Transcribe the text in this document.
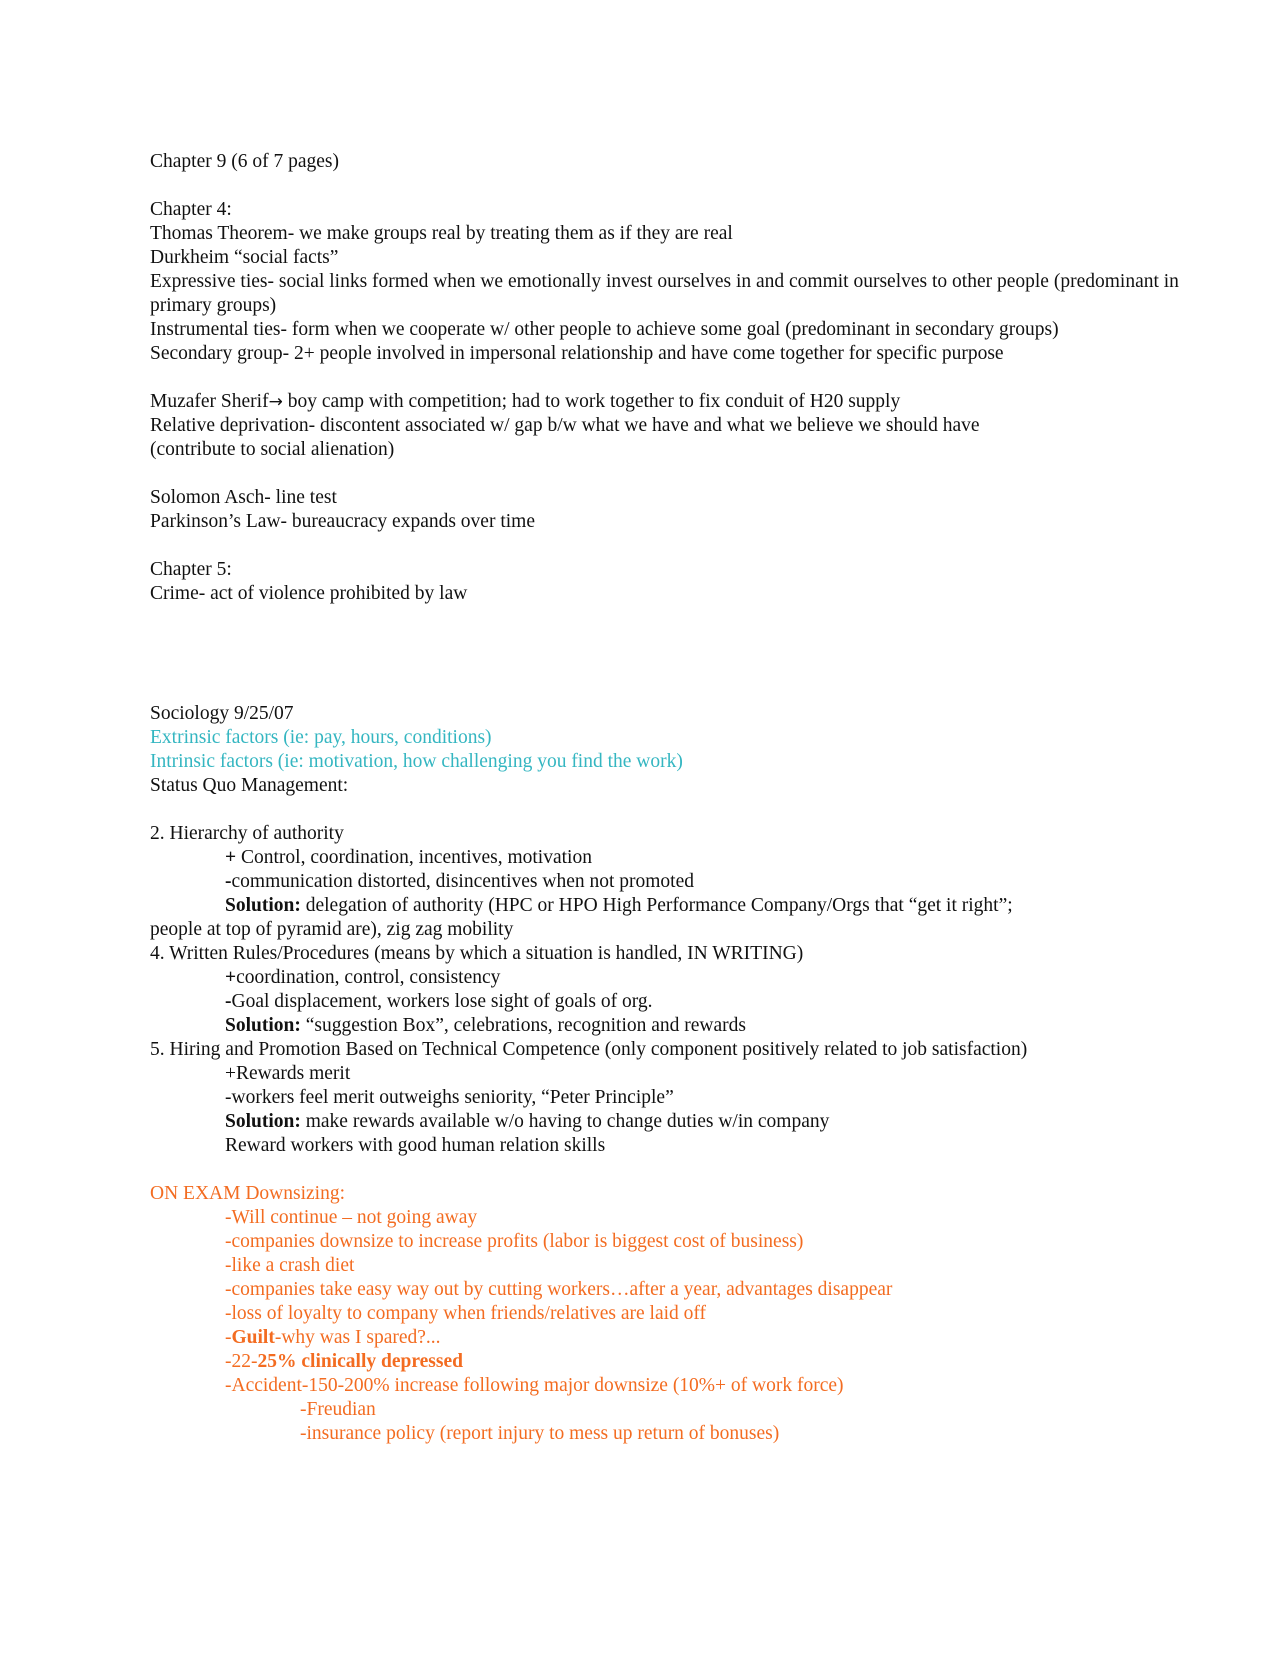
Chapter 9 (6 of 7 pages)
Chapter 4:
Thomas Theorem- we make groups real by treating them as if they are real
Durkheim “social facts”
Expressive ties- social links formed when we emotionally invest ourselves in and commit ourselves to other people (predominant in primary groups)
Instrumental ties- form when we cooperate w/ other people to achieve some goal (predominant in secondary groups)
Secondary group- 2+ people involved in impersonal relationship and have come together for specific purpose
Muzafer Sherif→ boy camp with competition; had to work together to fix conduit of H20 supply
Relative deprivation- discontent associated w/ gap b/w what we have and what we believe we should have
(contribute to social alienation)
Solomon Asch- line test
Parkinson’s Law- bureaucracy expands over time
Chapter 5:
Crime- act of violence prohibited by law
Sociology 9/25/07
Extrinsic factors (ie: pay, hours, conditions)
Intrinsic factors (ie: motivation, how challenging you find the work)
Status Quo Management:
2. Hierarchy of authority
+ Control, coordination, incentives, motivation
-communication distorted, disincentives when not promoted
Solution: delegation of authority (HPC or HPO High Performance Company/Orgs that “get it right”;
people at top of pyramid are), zig zag mobility
4. Written Rules/Procedures (means by which a situation is handled, IN WRITING)
+coordination, control, consistency
-Goal displacement, workers lose sight of goals of org.
Solution: “suggestion Box”, celebrations, recognition and rewards
5. Hiring and Promotion Based on Technical Competence (only component positively related to job satisfaction)
+Rewards merit
-workers feel merit outweighs seniority, “Peter Principle”
Solution: make rewards available w/o having to change duties w/in company
Reward workers with good human relation skills
ON EXAM Downsizing:
-Will continue – not going away
-companies downsize to increase profits (labor is biggest cost of business)
-like a crash diet
-companies take easy way out by cutting workers…after a year, advantages disappear
-loss of loyalty to company when friends/relatives are laid off
-Guilt-why was I spared?...
-22-25% clinically depressed
-Accident-150-200% increase following major downsize (10%+ of work force)
-Freudian
-insurance policy (report injury to mess up return of bonuses)
